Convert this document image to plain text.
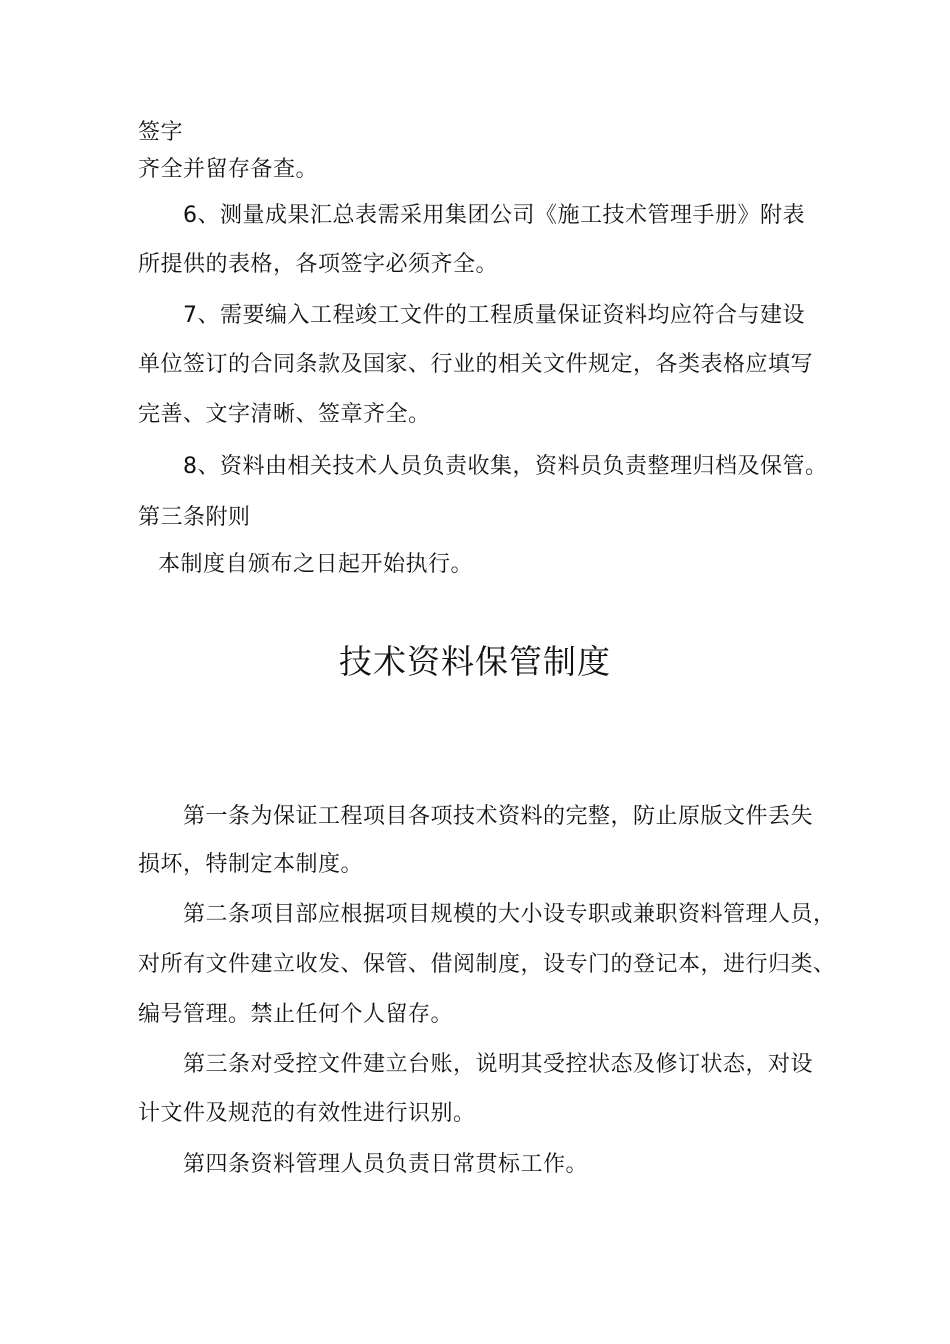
签字
齐全并留存备查。
6、测量成果汇总表需采用集团公司《施工技术管理手册》附表
所提供的表格，各项签字必须齐全。
7、需要编入工程竣工文件的工程质量保证资料均应符合与建设
单位签订的合同条款及国家、行业的相关文件规定，各类表格应填写
完善、文字清晰、签章齐全。
8、资料由相关技术人员负责收集，资料员负责整理归档及保管。
第三条附则
本制度自颁布之日起开始执行。
技术资料保管制度
第一条为保证工程项目各项技术资料的完整，防止原版文件丢失
损坏，特制定本制度。
第二条项目部应根据项目规模的大小设专职或兼职资料管理人员，
对所有文件建立收发、保管、借阅制度，设专门的登记本，进行归类、
编号管理。禁止任何个人留存。
第三条对受控文件建立台账，说明其受控状态及修订状态，对设
计文件及规范的有效性进行识别。
第四条资料管理人员负责日常贯标工作。
